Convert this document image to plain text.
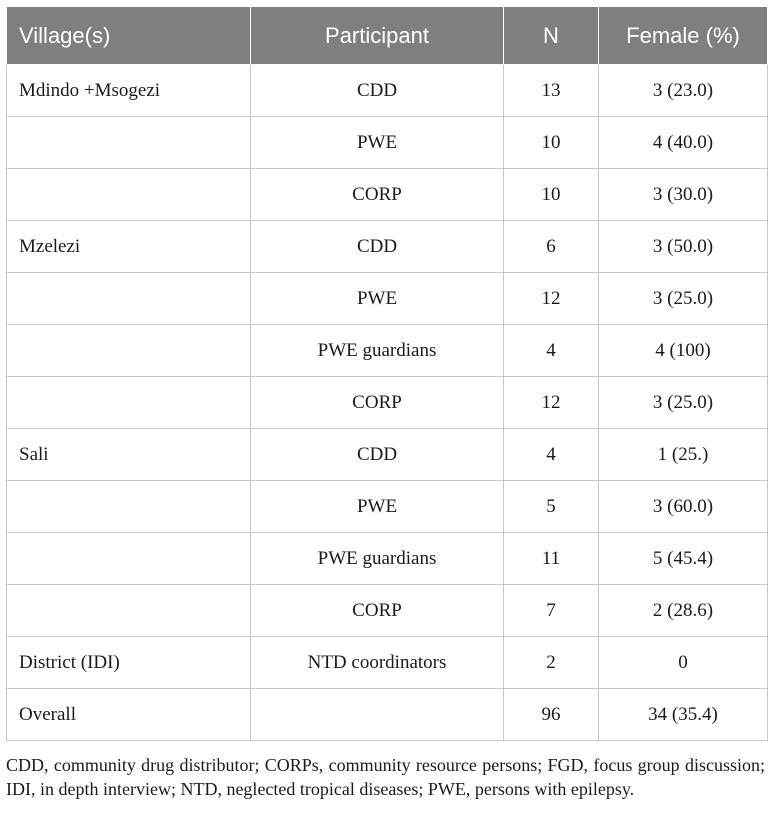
Village(s)	Participant	N	Female (%)
Mdindo +Msogezi	CDD	13	3 (23.0)
	PWE	10	4 (40.0)
	CORP	10	3 (30.0)
Mzelezi	CDD	6	3 (50.0)
	PWE	12	3 (25.0)
	PWE guardians	4	4 (100)
	CORP	12	3 (25.0)
Sali	CDD	4	1 (25.)
	PWE	5	3 (60.0)
	PWE guardians	11	5 (45.4)
	CORP	7	2 (28.6)
District (IDI)	NTD coordinators	2	0
Overall		96	34 (35.4)
CDD, community drug distributor; CORPs, community resource persons; FGD, focus group discussion; IDI, in depth interview; NTD, neglected tropical diseases; PWE, persons with epilepsy.
